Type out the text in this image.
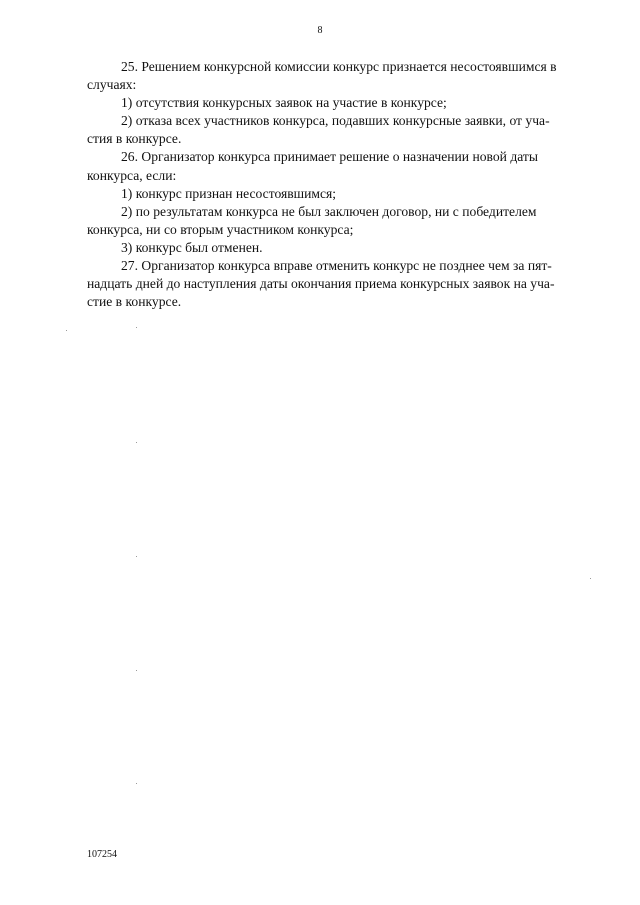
8

25. Решением конкурсной комиссии конкурс признается несостоявшимся в
случаях:

1) отсутствия конкурсных заявок на участие в конкурсе;

2) отказа всех участников конкурса, подавших конкурсные заявки, от уча-
стия в конкурсе.

26. Организатор конкурса принимает решение о назначении новой даты
конкурса, если:

1) конкурс признан несостоявшимся;

2) по результатам конкурса не был заключен договор, ни с победителем
конкурса, ни со вторым участником конкурса;

3) конкурс был отменен.

27. Организатор конкурса вправе отменить конкурс не позднее чем за пят-
надцать дней до наступления даты окончания приема конкурсных заявок на уча-
стие в конкурсе.

107254
